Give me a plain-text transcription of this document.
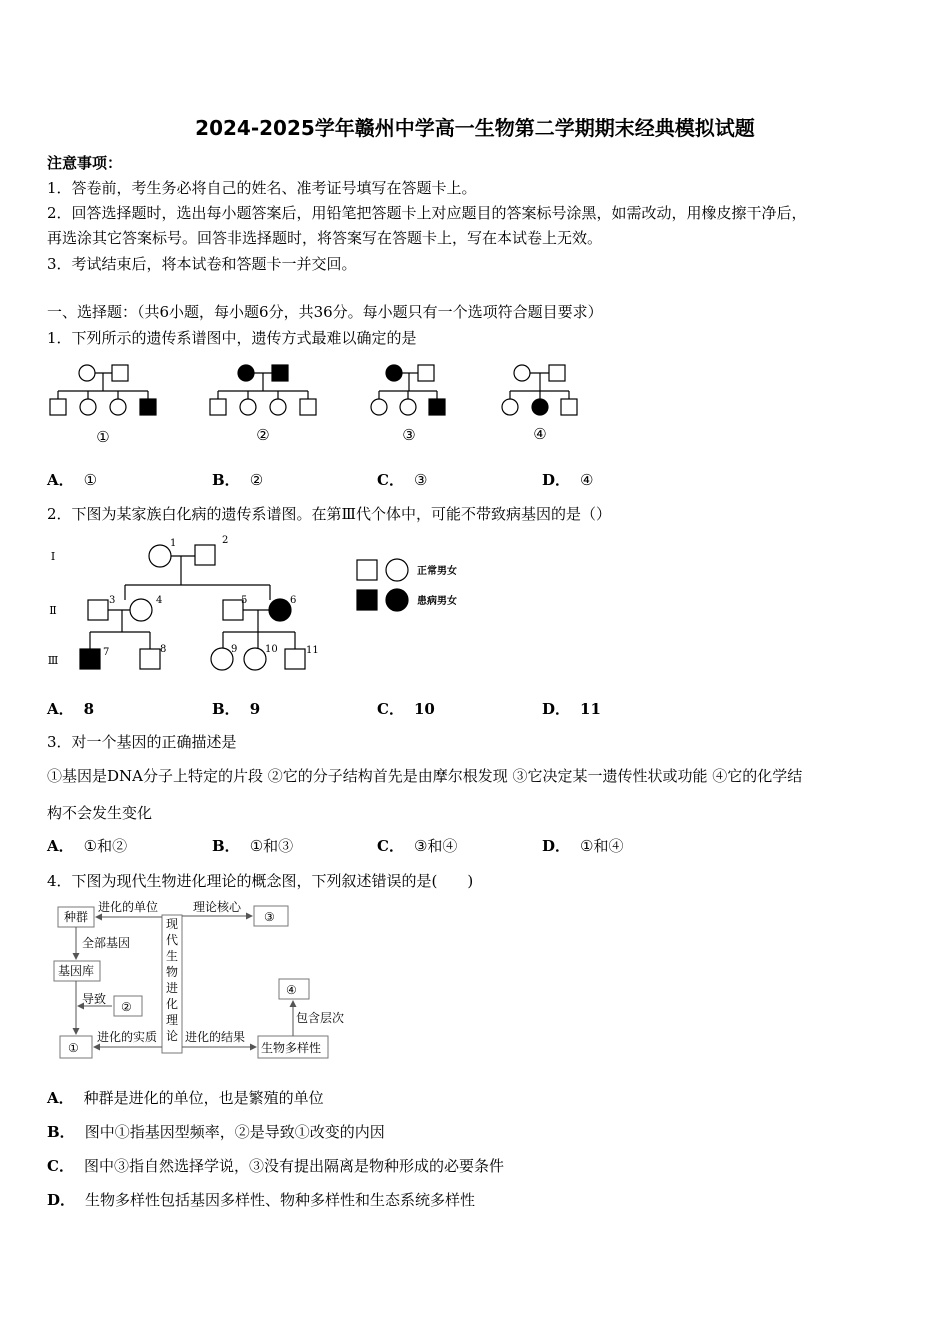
2024-2025学年赣州中学高一生物第二学期期末经典模拟试题
注意事项：
1．答卷前，考生务必将自己的姓名、准考证号填写在答题卡上。
2．回答选择题时，选出每小题答案后，用铅笔把答题卡上对应题目的答案标号涂黑，如需改动，用橡皮擦干净后，
再选涂其它答案标号。回答非选择题时，将答案写在答题卡上，写在本试卷上无效。
3．考试结束后，将本试卷和答题卡一并交回。
一、选择题：（共6小题，每小题6分，共36分。每小题只有一个选项符合题目要求）
1．下列所示的遗传系谱图中，遗传方式最难以确定的是
①	②	③	④
A． ①	B． ②	C． ③	D． ④
2．下图为某家族白化病的遗传系谱图。在第Ⅲ代个体中，可能不带致病基因的是（）
Ⅰ
Ⅱ
Ⅲ
1	2
3	4	5	6
7	8	9	10	11
正常男女
患病男女
A． 8	B． 9	C． 10	D． 11
3．对一个基因的正确描述是
①基因是DNA分子上特定的片段 ②它的分子结构首先是由摩尔根发现 ③它决定某一遗传性状或功能 ④它的化学结
构不会发生变化
A． ①和②	B． ①和③	C． ③和④	D． ①和④
4．下图为现代生物进化理论的概念图，下列叙述错误的是(　　)
种群
进化的单位	理论核心
③
全部基因
基因库
导致
②
④
包含层次
①
进化的实质 进化的结果
生物多样性
现
代
生
物
进
化
理
论
A． 种群是进化的单位，也是繁殖的单位
B． 图中①指基因型频率，②是导致①改变的内因
C． 图中③指自然选择学说，③没有提出隔离是物种形成的必要条件
D． 生物多样性包括基因多样性、物种多样性和生态系统多样性
